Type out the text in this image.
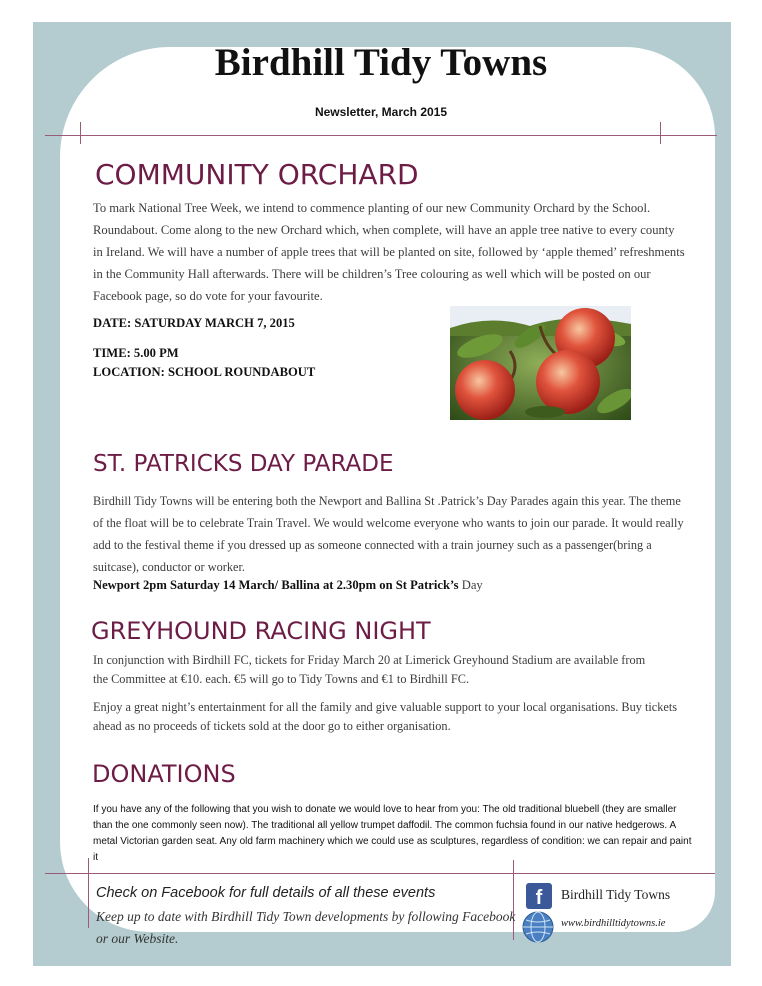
Birdhill Tidy Towns
Newsletter, March 2015
COMMUNITY ORCHARD

To mark National Tree Week, we intend to commence planting of our new Community Orchard by the School. Roundabout. Come along to the new Orchard which, when complete, will have an apple tree native to every county in Ireland. We will have a number of apple trees that will be planted on site, followed by ‘apple themed’ refreshments in the Community Hall afterwards. There will be children’s Tree colouring as well which will be posted on our Facebook page, so do vote for your favourite.

DATE: SATURDAY MARCH 7, 2015

TIME: 5.00 PM

LOCATION: SCHOOL ROUNDABOUT

ST. PATRICKS DAY PARADE

Birdhill Tidy Towns will be entering both the Newport and Ballina St .Patrick’s Day Parades again this year. The theme of the float will be to celebrate Train Travel. We would welcome everyone who wants to join our parade. It would really add to the festival theme if you dressed up as someone connected with a train journey such as a passenger(bring a suitcase), conductor or worker.

Newport 2pm Saturday 14 March/ Ballina at 2.30pm on St Patrick’s Day

GREYHOUND RACING NIGHT

In conjunction with Birdhill FC, tickets for Friday March 20 at Limerick Greyhound Stadium are available from the Committee at €10. each. €5 will go to Tidy Towns and €1 to Birdhill FC.

Enjoy a great night’s entertainment for all the family and give valuable support to your local organisations. Buy tickets ahead as no proceeds of tickets sold at the door go to either organisation.

DONATIONS

If you have any of the following that you wish to donate we would love to hear from you: The old traditional bluebell (they are smaller than the one commonly seen now). The traditional all yellow trumpet daffodil. The common fuchsia found in our native hedgerows. A metal Victorian garden seat. Any old farm machinery which we could use as sculptures, regardless of condition: we can repair and paint it

Check on Facebook for full details of all these events

Keep up to date with Birdhill Tidy Town developments by following Facebook or our Website.

f	Birdhill Tidy Towns

www.birdhilltidytowns.ie
